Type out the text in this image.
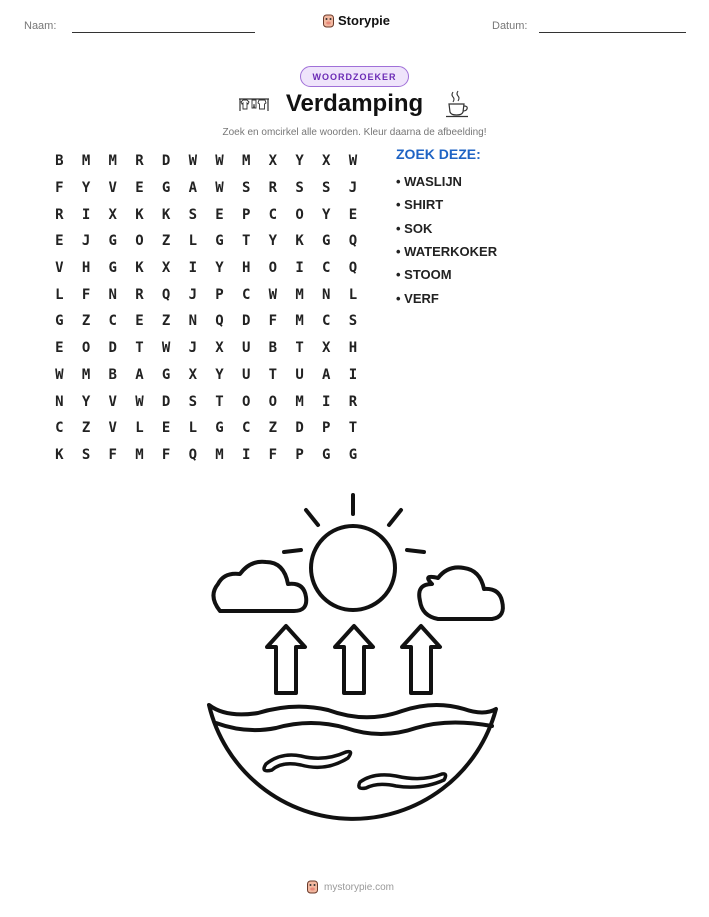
Naam:	Storypie	Datum:
WOORDZOEKER
Verdamping
Zoek en omcirkel alle woorden. Kleur daarna de afbeelding!
B	M	M	R	D	W	W	M	X	Y	X	W
F	Y	V	E	G	A	W	S	R	S	S	J
R	I	X	K	K	S	E	P	C	O	Y	E
E	J	G	O	Z	L	G	T	Y	K	G	Q
V	H	G	K	X	I	Y	H	O	I	C	Q
L	F	N	R	Q	J	P	C	W	M	N	L
G	Z	C	E	Z	N	Q	D	F	M	C	S
E	O	D	T	W	J	X	U	B	T	X	H
W	M	B	A	G	X	Y	U	T	U	A	I
N	Y	V	W	D	S	T	O	O	M	I	R
C	Z	V	L	E	L	G	C	Z	D	P	T
K	S	F	M	F	Q	M	I	F	P	G	G
ZOEK DEZE:
• WASLIJN
• SHIRT
• SOK
• WATERKOKER
• STOOM
• VERF
mystorypie.com
